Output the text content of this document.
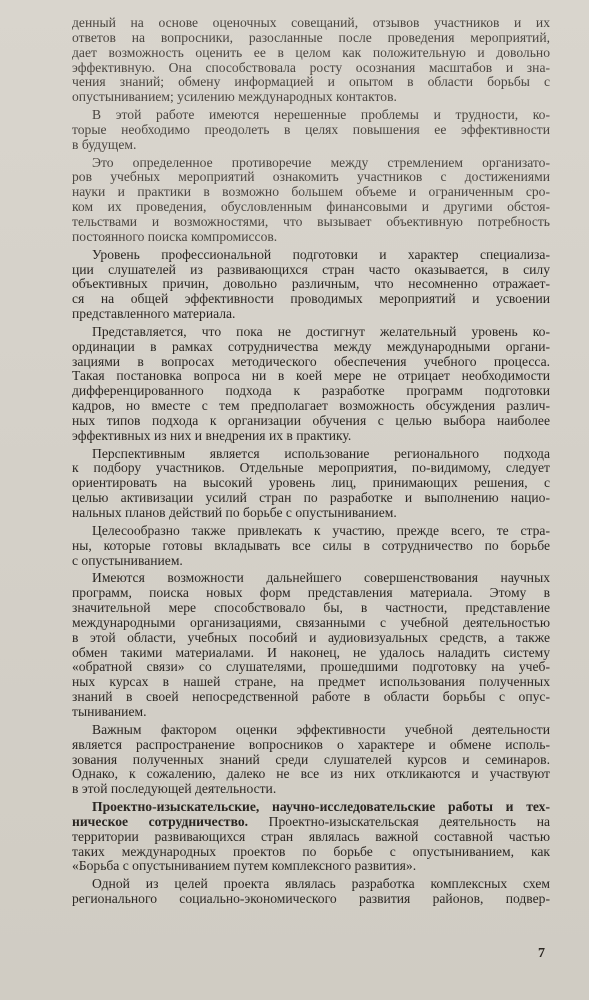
денный на основе оценочных совещаний, отзывов участников и их
ответов на вопросники, разосланные после проведения мероприятий,
дает возможность оценить ее в целом как положительную и довольно
эффективную. Она способствовала росту осознания масштабов и зна-
чения знаний; обмену информацией и опытом в области борьбы с
опустыниванием; усилению международных контактов.
В этой работе имеются нерешенные проблемы и трудности, ко-
торые необходимо преодолеть в целях повышения ее эффективности
в будущем.
Это определенное противоречие между стремлением организато-
ров учебных мероприятий ознакомить участников с достижениями
науки и практики в возможно большем объеме и ограниченным сро-
ком их проведения, обусловленным финансовыми и другими обстоя-
тельствами и возможностями, что вызывает объективную потребность
постоянного поиска компромиссов.
Уровень профессиональной подготовки и характер специализа-
ции слушателей из развивающихся стран часто оказывается, в силу
объективных причин, довольно различным, что несомненно отражает-
ся на общей эффективности проводимых мероприятий и усвоении
представленного материала.
Представляется, что пока не достигнут желательный уровень ко-
ординации в рамках сотрудничества между международными органи-
зациями в вопросах методического обеспечения учебного процесса.
Такая постановка вопроса ни в коей мере не отрицает необходимости
дифференцированного подхода к разработке программ подготовки
кадров, но вместе с тем предполагает возможность обсуждения различ-
ных типов подхода к организации обучения с целью выбора наиболее
эффективных из них и внедрения их в практику.
Перспективным является использование регионального подхода
к подбору участников. Отдельные мероприятия, по-видимому, следует
ориентировать на высокий уровень лиц, принимающих решения, с
целью активизации усилий стран по разработке и выполнению нацио-
нальных планов действий по борьбе с опустыниванием.
Целесообразно также привлекать к участию, прежде всего, те стра-
ны, которые готовы вкладывать все силы в сотрудничество по борьбе
с опустыниванием.
Имеются возможности дальнейшего совершенствования научных
программ, поиска новых форм представления материала. Этому в
значительной мере способствовало бы, в частности, представление
международными организациями, связанными с учебной деятельностью
в этой области, учебных пособий и аудиовизуальных средств, а также
обмен такими материалами. И наконец, не удалось наладить систему
«обратной связи» со слушателями, прошедшими подготовку на учеб-
ных курсах в нашей стране, на предмет использования полученных
знаний в своей непосредственной работе в области борьбы с опус-
тыниванием.
Важным фактором оценки эффективности учебной деятельности
является распространение вопросников о характере и обмене исполь-
зования полученных знаний среди слушателей курсов и семинаров.
Однако, к сожалению, далеко не все из них откликаются и участвуют
в этой последующей деятельности.
Проектно-изыскательские, научно-исследовательские работы и тех-
ническое сотрудничество. Проектно-изыскательская деятельность на
территории развивающихся стран являлась важной составной частью
таких международных проектов по борьбе с опустыниванием, как
«Борьба с опустыниванием путем комплексного развития».
Одной из целей проекта являлась разработка комплексных схем
регионального социально-экономического развития районов, подвер-
7
